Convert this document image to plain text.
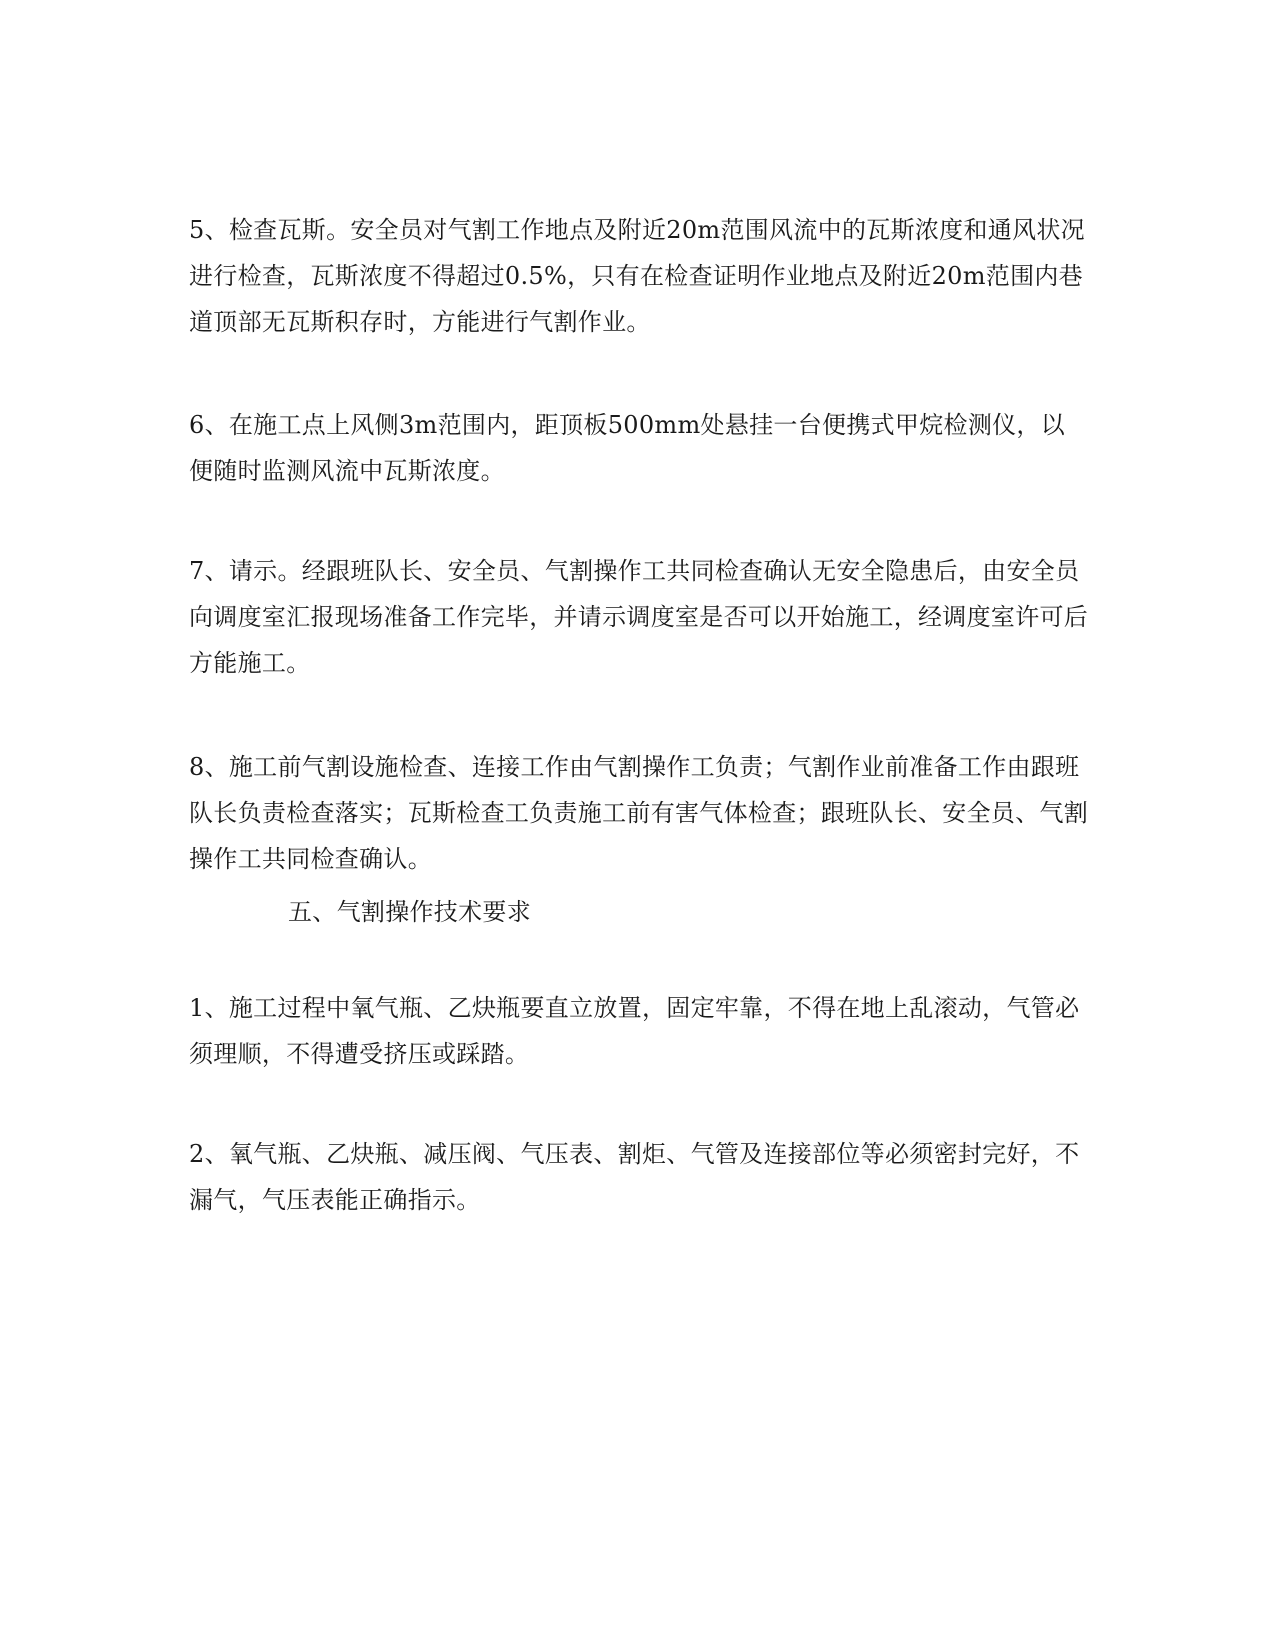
5、检查瓦斯。安全员对气割工作地点及附近20m范围风流中的瓦斯浓度和通风状况进行检查，瓦斯浓度不得超过0.5%，只有在检查证明作业地点及附近20m范围内巷道顶部无瓦斯积存时，方能进行气割作业。

6、在施工点上风侧3m范围内，距顶板500mm处悬挂一台便携式甲烷检测仪，以便随时监测风流中瓦斯浓度。

7、请示。经跟班队长、安全员、气割操作工共同检查确认无安全隐患后，由安全员向调度室汇报现场准备工作完毕，并请示调度室是否可以开始施工，经调度室许可后方能施工。

8、施工前气割设施检查、连接工作由气割操作工负责；气割作业前准备工作由跟班队长负责检查落实；瓦斯检查工负责施工前有害气体检查；跟班队长、安全员、气割操作工共同检查确认。

五、气割操作技术要求

1、施工过程中氧气瓶、乙炔瓶要直立放置，固定牢靠，不得在地上乱滚动，气管必须理顺，不得遭受挤压或踩踏。

2、氧气瓶、乙炔瓶、减压阀、气压表、割炬、气管及连接部位等必须密封完好，不漏气，气压表能正确指示。
